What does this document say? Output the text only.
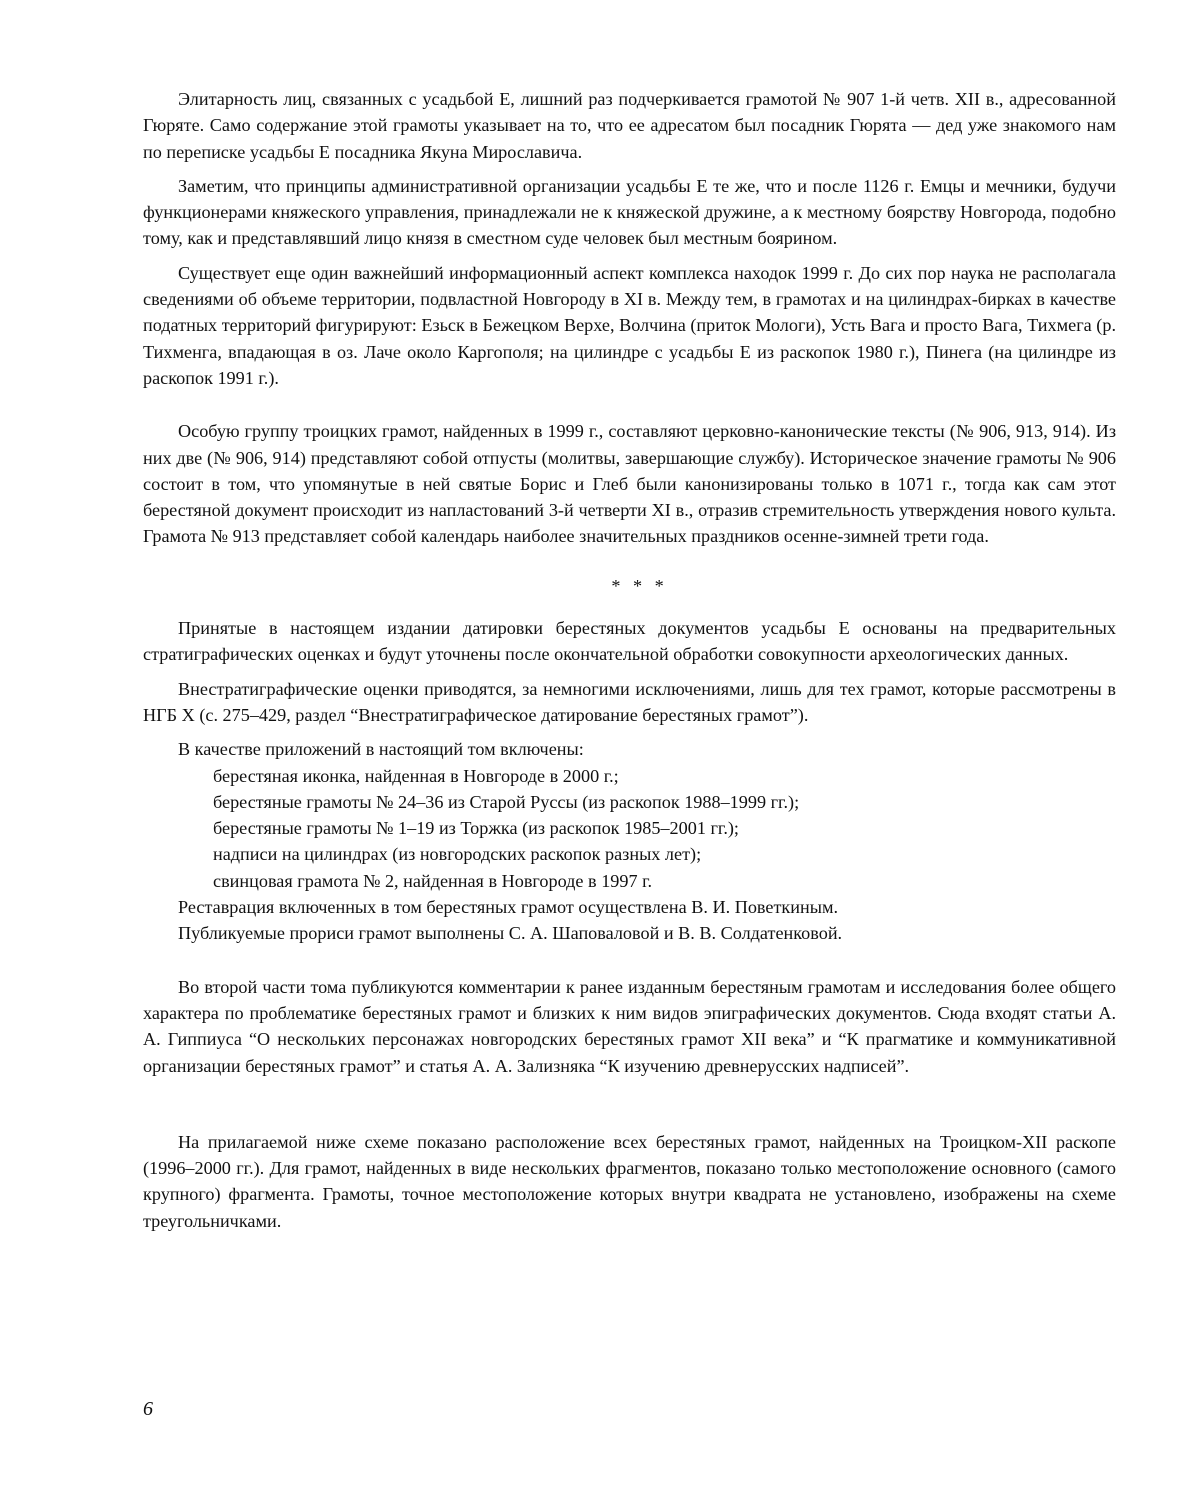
Элитарность лиц, связанных с усадьбой Е, лишний раз подчеркивается грамотой № 907 1-й четв. XII в., адресованной Гюряте. Само содержание этой грамоты указывает на то, что ее адресатом был посадник Гюрята — дед уже знакомого нам по переписке усадьбы Е посадника Якуна Мирославича.

Заметим, что принципы административной организации усадьбы Е те же, что и после 1126 г. Емцы и мечники, будучи функционерами княжеского управления, принадлежали не к княжеской дружине, а к местному боярству Новгорода, подобно тому, как и представлявший лицо князя в сместном суде человек был местным боярином.

Существует еще один важнейший информационный аспект комплекса находок 1999 г. До сих пор наука не располагала сведениями об объеме территории, подвластной Новгороду в XI в. Между тем, в грамотах и на цилиндрах-бирках в качестве податных территорий фигурируют: Езьск в Бежецком Верхе, Волчина (приток Мологи), Усть Вага и просто Вага, Тихмега (р. Тихменга, впадающая в оз. Лаче около Каргополя; на цилиндре с усадьбы Е из раскопок 1980 г.), Пинега (на цилиндре из раскопок 1991 г.).

Особую группу троицких грамот, найденных в 1999 г., составляют церковно-канонические тексты (№ 906, 913, 914). Из них две (№ 906, 914) представляют собой отпусты (молитвы, завершающие службу). Историческое значение грамоты № 906 состоит в том, что упомянутые в ней святые Борис и Глеб были канонизированы только в 1071 г., тогда как сам этот берестяной документ происходит из напластований 3-й четверти XI в., отразив стремительность утверждения нового культа. Грамота № 913 представляет собой календарь наиболее значительных праздников осенне-зимней трети года.

* * *

Принятые в настоящем издании датировки берестяных документов усадьбы Е основаны на предварительных стратиграфических оценках и будут уточнены после окончательной обработки совокупности археологических данных.

Внестратиграфические оценки приводятся, за немногими исключениями, лишь для тех грамот, которые рассмотрены в НГБ X (с. 275–429, раздел “Внестратиграфическое датирование берестяных грамот”).

В качестве приложений в настоящий том включены:

берестяная иконка, найденная в Новгороде в 2000 г.;

берестяные грамоты № 24–36 из Старой Руссы (из раскопок 1988–1999 гг.);

берестяные грамоты № 1–19 из Торжка (из раскопок 1985–2001 гг.);

надписи на цилиндрах (из новгородских раскопок разных лет);

свинцовая грамота № 2, найденная в Новгороде в 1997 г.

Реставрация включенных в том берестяных грамот осуществлена В. И. Поветкиным.

Публикуемые прориси грамот выполнены С. А. Шаповаловой и В. В. Солдатенковой.

Во второй части тома публикуются комментарии к ранее изданным берестяным грамотам и исследования более общего характера по проблематике берестяных грамот и близких к ним видов эпиграфических документов. Сюда входят статьи А. А. Гиппиуса “О нескольких персонажах новгородских берестяных грамот XII века” и “К прагматике и коммуникативной организации берестяных грамот” и статья А. А. Зализняка “К изучению древнерусских надписей”.

На прилагаемой ниже схеме показано расположение всех берестяных грамот, найденных на Троицком-XII раскопе (1996–2000 гг.). Для грамот, найденных в виде нескольких фрагментов, показано только местоположение основного (самого крупного) фрагмента. Грамоты, точное местоположение которых внутри квадрата не установлено, изображены на схеме треугольничками.

6
